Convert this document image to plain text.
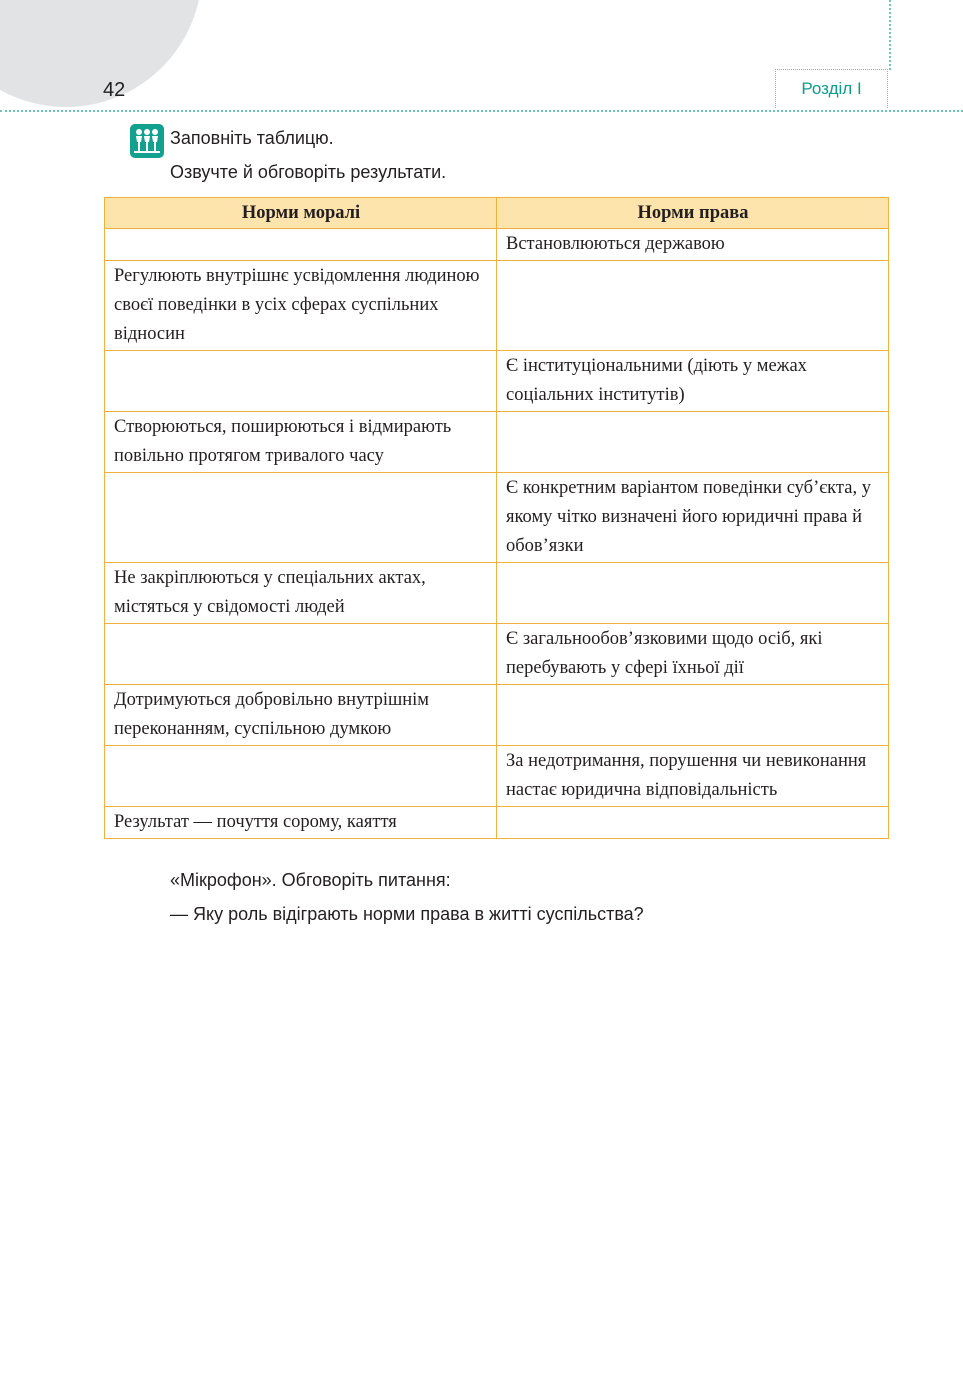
42	Розділ І
Заповніть таблицю.
Озвучте й обговоріть результати.
Норми моралі	Норми права
	Встановлюються державою
Регулюють внутрішнє усвідомлення людиною своєї поведінки в усіх сферах суспільних відносин	
	Є інституціональними (діють у межах соціальних інститутів)
Створюються, поширюються і відмирають повільно протягом тривалого часу	
	Є конкретним варіантом поведінки суб’єкта, у якому чітко визначені його юридичні права й обов’язки
Не закріплюються у спеціальних актах, містяться у свідомості людей	
	Є загальнообов’язковими щодо осіб, які перебувають у сфері їхньої дії
Дотримуються добровільно внутрішнім переконанням, суспільною думкою	
	За недотримання, порушення чи невиконання настає юридична відповідальність
Результат — почуття сорому, каяття	
«Мікрофон». Обговоріть питання:
— Яку роль відіграють норми права в житті суспільства?
